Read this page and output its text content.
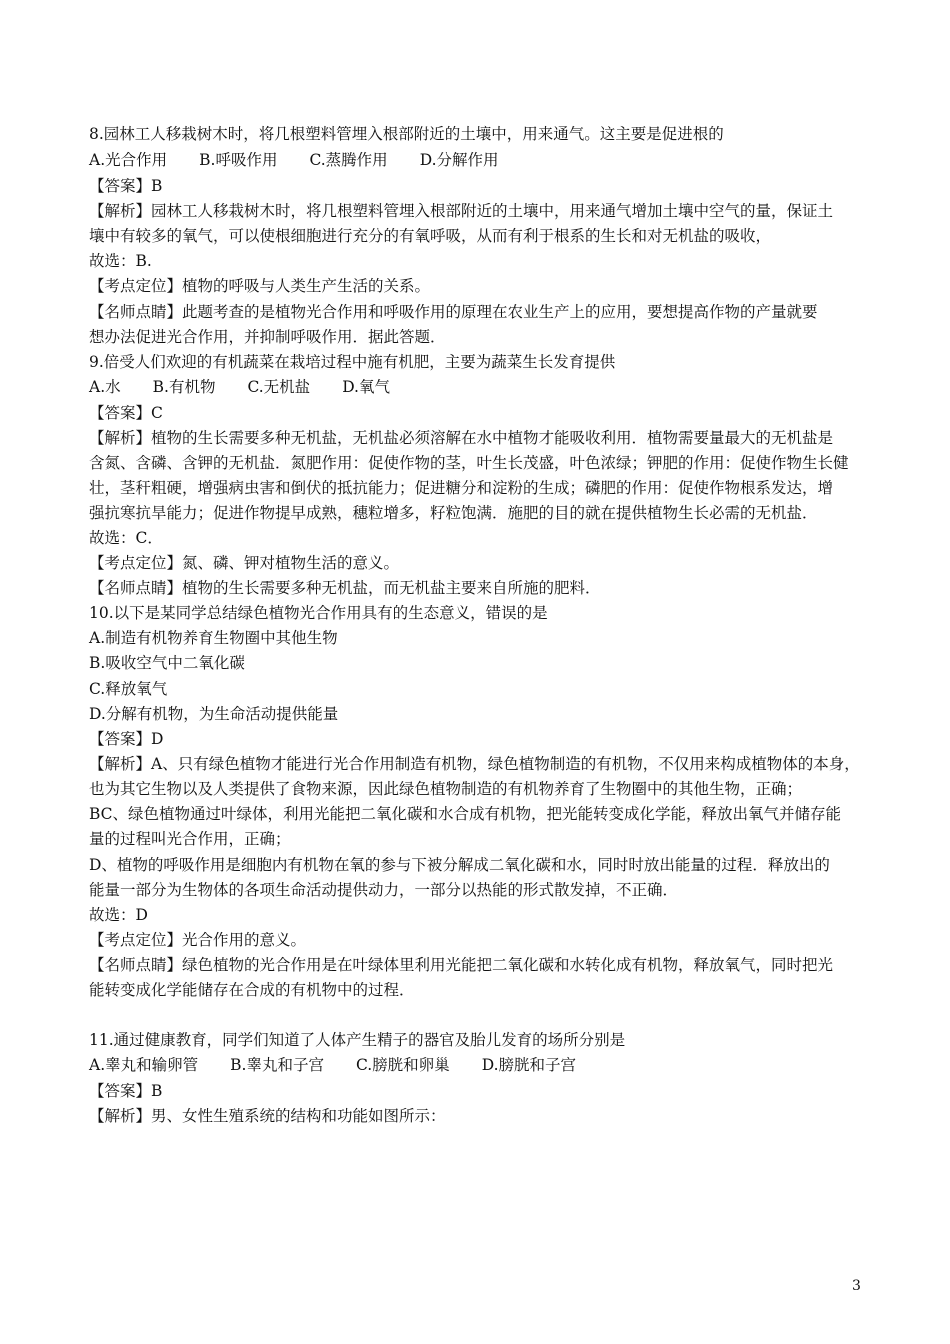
8.园林工人移栽树木时，将几根塑料管埋入根部附近的土壤中，用来通气。这主要是促进根的
A.光合作用 B.呼吸作用 C.蒸腾作用 D.分解作用
【答案】B
【解析】园林工人移栽树木时，将几根塑料管埋入根部附近的土壤中，用来通气增加土壤中空气的量，保证土
壤中有较多的氧气，可以使根细胞进行充分的有氧呼吸，从而有利于根系的生长和对无机盐的吸收，
故选：B.
【考点定位】植物的呼吸与人类生产生活的关系。
【名师点睛】此题考查的是植物光合作用和呼吸作用的原理在农业生产上的应用，要想提高作物的产量就要
想办法促进光合作用，并抑制呼吸作用．据此答题．
9.倍受人们欢迎的有机蔬菜在栽培过程中施有机肥，主要为蔬菜生长发育提供
A.水 B.有机物 C.无机盐 D.氧气
【答案】C
【解析】植物的生长需要多种无机盐，无机盐必须溶解在水中植物才能吸收利用．植物需要量最大的无机盐是
含氮、含磷、含钾的无机盐．氮肥作用：促使作物的茎，叶生长茂盛，叶色浓绿；钾肥的作用：促使作物生长健
壮，茎秆粗硬，增强病虫害和倒伏的抵抗能力；促进糖分和淀粉的生成；磷肥的作用：促使作物根系发达，增
强抗寒抗旱能力；促进作物提早成熟，穗粒增多，籽粒饱满．施肥的目的就在提供植物生长必需的无机盐．
故选：C．
【考点定位】氮、磷、钾对植物生活的意义。
【名师点睛】植物的生长需要多种无机盐，而无机盐主要来自所施的肥料．
10.以下是某同学总结绿色植物光合作用具有的生态意义，错误的是
A.制造有机物养育生物圈中其他生物
B.吸收空气中二氧化碳
C.释放氧气
D.分解有机物，为生命活动提供能量
【答案】D
【解析】A、只有绿色植物才能进行光合作用制造有机物，绿色植物制造的有机物，不仅用来构成植物体的本身，
也为其它生物以及人类提供了食物来源，因此绿色植物制造的有机物养育了生物圈中的其他生物，正确；
BC、绿色植物通过叶绿体，利用光能把二氧化碳和水合成有机物，把光能转变成化学能，释放出氧气并储存能
量的过程叫光合作用，正确；
D、植物的呼吸作用是细胞内有机物在氧的参与下被分解成二氧化碳和水，同时时放出能量的过程．释放出的
能量一部分为生物体的各项生命活动提供动力，一部分以热能的形式散发掉，不正确．
故选：D
【考点定位】光合作用的意义。
【名师点睛】绿色植物的光合作用是在叶绿体里利用光能把二氧化碳和水转化成有机物，释放氧气，同时把光
能转变成化学能储存在合成的有机物中的过程．
11.通过健康教育，同学们知道了人体产生精子的器官及胎儿发育的场所分别是
A.睾丸和输卵管 B.睾丸和子宫 C.膀胱和卵巢 D.膀胱和子宫
【答案】B
【解析】男、女性生殖系统的结构和功能如图所示：
3
